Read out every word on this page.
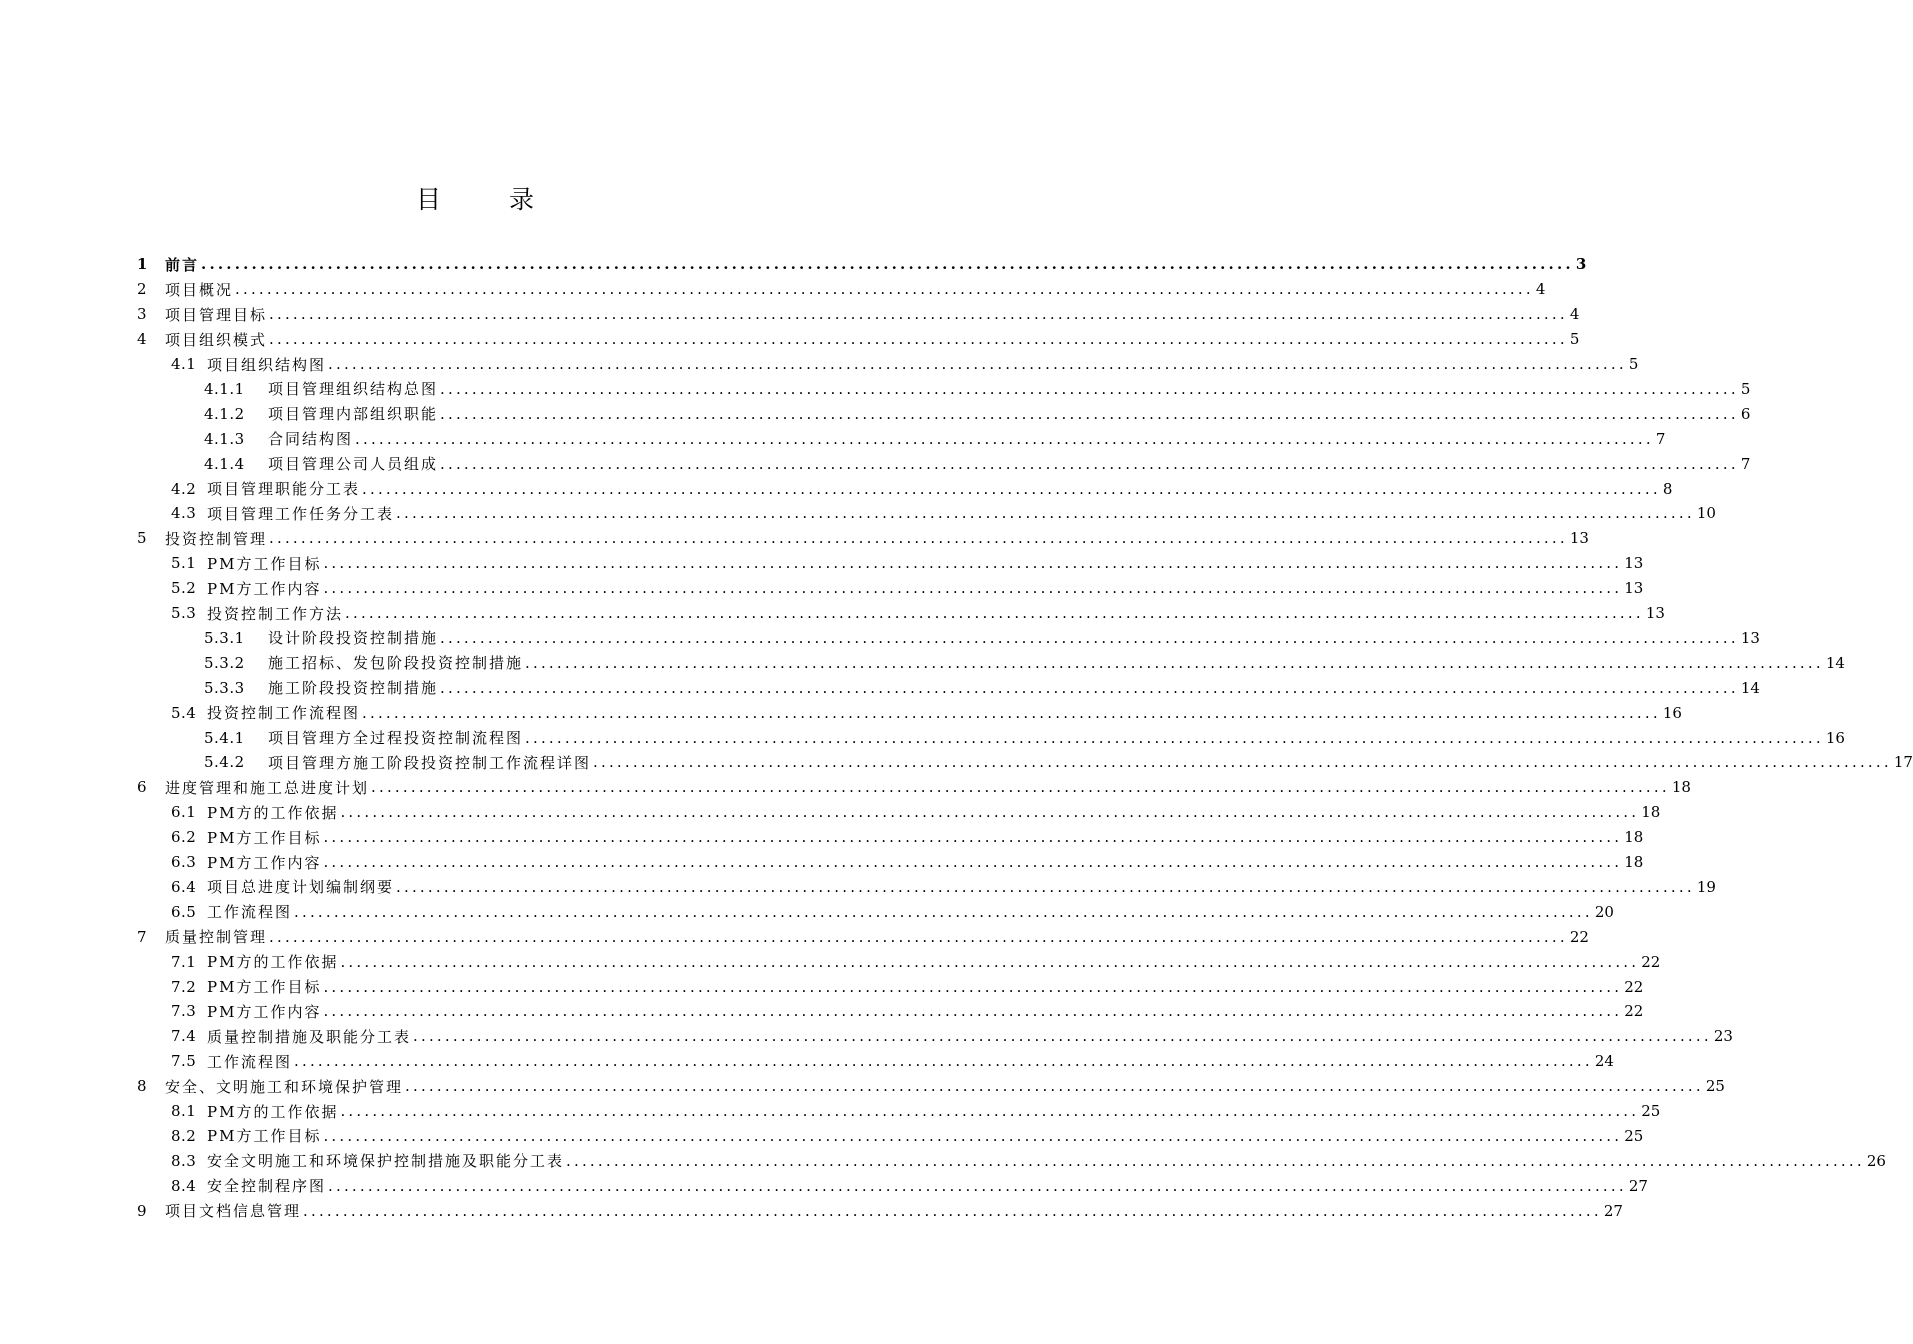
目 录
1	前言 ................................................................................................................................................................... 3
2	项目概况 ................................................................................................................................................................... 4
3	项目管理目标 ................................................................................................................................................................... 4
4	项目组织模式 ................................................................................................................................................................... 5
4.1 项目组织结构图 ................................................................................................................................................................... 5
4.1.1	项目管理组织结构总图 ................................................................................................................................................................... 5
4.1.2	项目管理内部组织职能 ................................................................................................................................................................... 6
4.1.3	合同结构图 ................................................................................................................................................................... 7
4.1.4	项目管理公司人员组成 ................................................................................................................................................................... 7
4.2 项目管理职能分工表 ................................................................................................................................................................... 8
4.3 项目管理工作任务分工表 ................................................................................................................................................................... 10
5	投资控制管理 ................................................................................................................................................................... 13
5.1 PM方工作目标 ................................................................................................................................................................... 13
5.2 PM方工作内容 ................................................................................................................................................................... 13
5.3 投资控制工作方法 ................................................................................................................................................................... 13
5.3.1	设计阶段投资控制措施 ................................................................................................................................................................... 13
5.3.2	施工招标、发包阶段投资控制措施 ................................................................................................................................................................... 14
5.3.3	施工阶段投资控制措施 ................................................................................................................................................................... 14
5.4 投资控制工作流程图 ................................................................................................................................................................... 16
5.4.1	项目管理方全过程投资控制流程图 ................................................................................................................................................................... 16
5.4.2	项目管理方施工阶段投资控制工作流程详图 ................................................................................................................................................................... 17
6	进度管理和施工总进度计划 ................................................................................................................................................................... 18
6.1 PM方的工作依据 ................................................................................................................................................................... 18
6.2 PM方工作目标 ................................................................................................................................................................... 18
6.3 PM方工作内容 ................................................................................................................................................................... 18
6.4 项目总进度计划编制纲要 ................................................................................................................................................................... 19
6.5 工作流程图 ................................................................................................................................................................... 20
7	质量控制管理 ................................................................................................................................................................... 22
7.1 PM方的工作依据 ................................................................................................................................................................... 22
7.2 PM方工作目标 ................................................................................................................................................................... 22
7.3 PM方工作内容 ................................................................................................................................................................... 22
7.4 质量控制措施及职能分工表 ................................................................................................................................................................... 23
7.5 工作流程图 ................................................................................................................................................................... 24
8	安全、文明施工和环境保护管理 ................................................................................................................................................................... 25
8.1 PM方的工作依据 ................................................................................................................................................................... 25
8.2 PM方工作目标 ................................................................................................................................................................... 25
8.3 安全文明施工和环境保护控制措施及职能分工表 ................................................................................................................................................................... 26
8.4 安全控制程序图 ................................................................................................................................................................... 27
9	项目文档信息管理 ................................................................................................................................................................... 27
